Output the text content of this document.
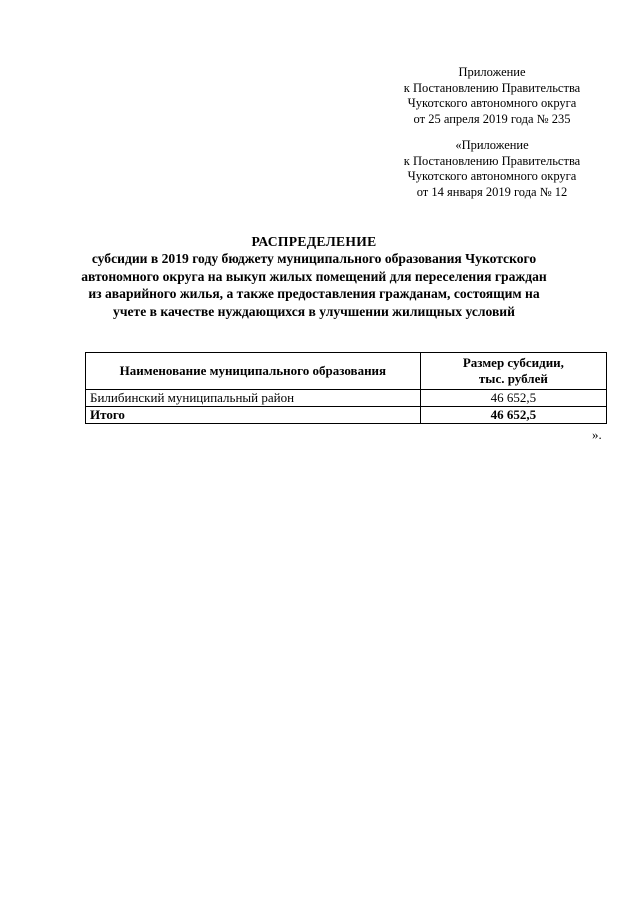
Приложение
к Постановлению Правительства
Чукотского автономного округа
от 25 апреля 2019 года № 235
«Приложение
к Постановлению Правительства
Чукотского автономного округа
от 14 января 2019 года № 12
РАСПРЕДЕЛЕНИЕ

субсидии в 2019 году бюджету муниципального образования Чукотского автономного округа на выкуп жилых помещений для переселения граждан из аварийного жилья, а также предоставления гражданам, состоящим на учете в качестве нуждающихся в улучшении жилищных условий

Наименование муниципального образования	Размер субсидии,
тыс. рублей

Билибинский муниципальный район	46 652,5
Итого	46 652,5
».
